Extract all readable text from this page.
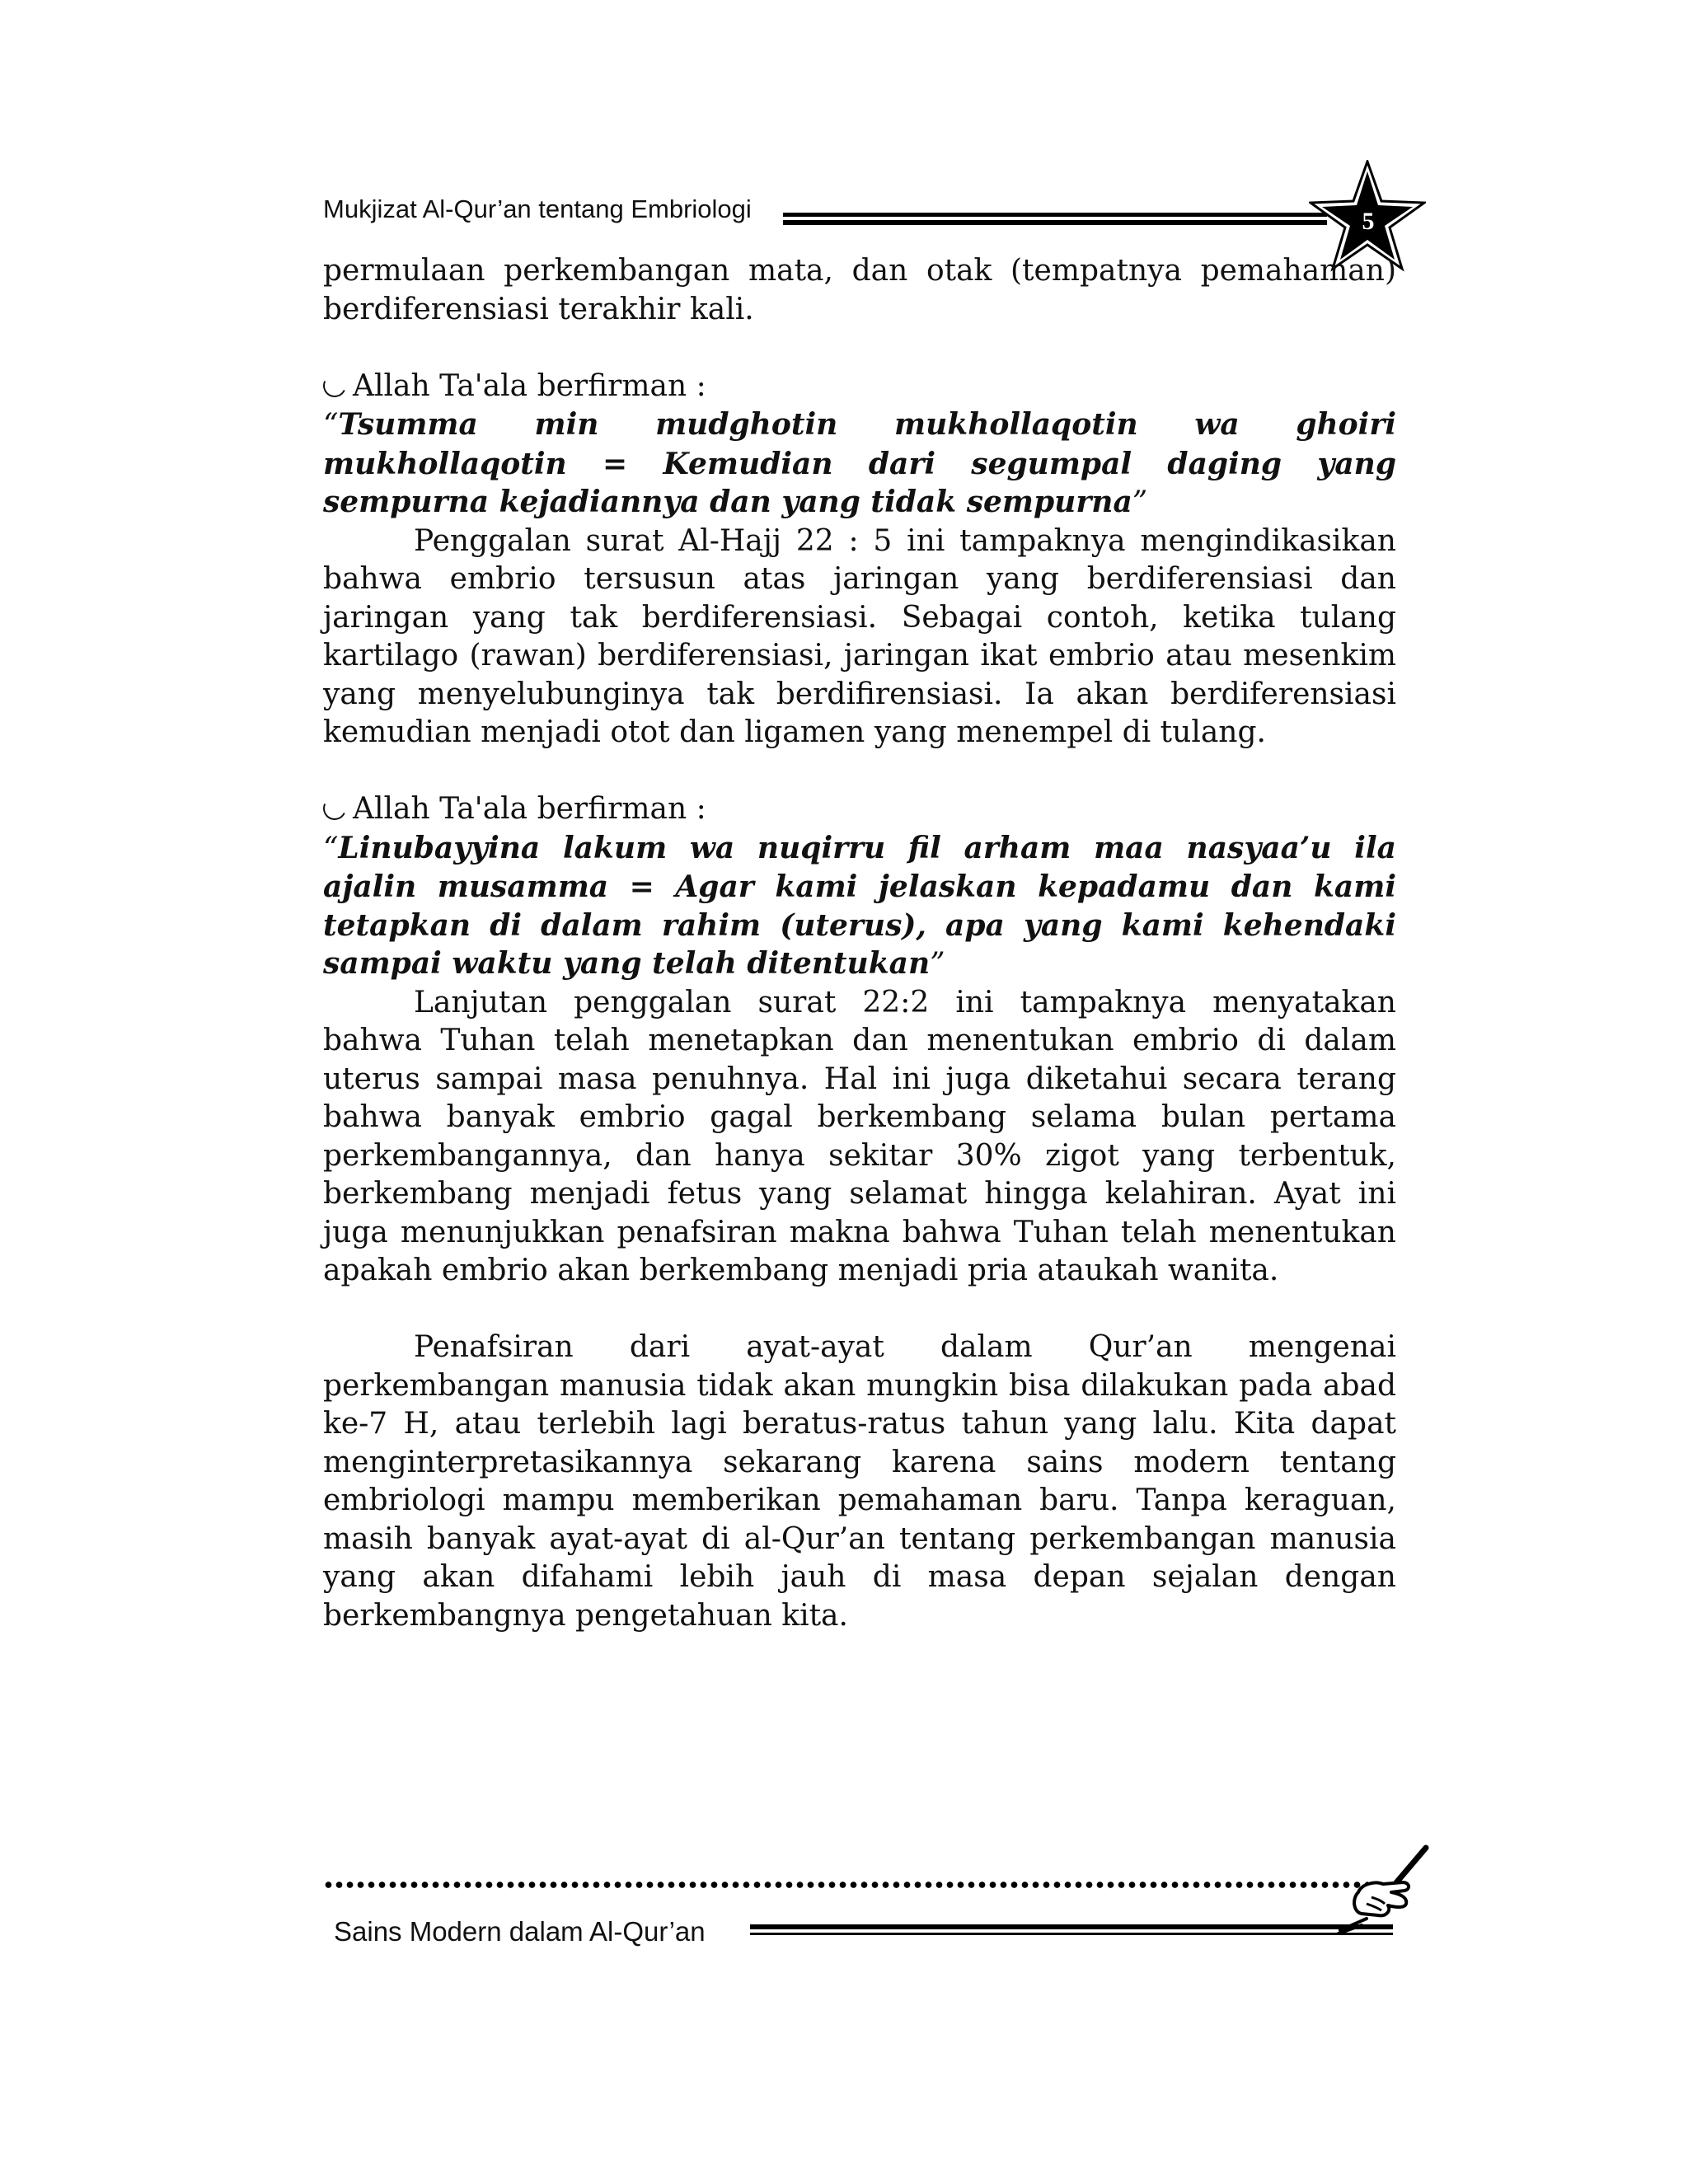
Mukjizat Al-Qur’an tentang Embriologi	5

permulaan perkembangan mata, dan otak (tempatnya pemahaman) berdiferensiasi terakhir kali.

Allah Ta'ala berfirman :

“Tsumma min mudghotin mukhollaqotin wa ghoiri mukhollaqotin = Kemudian dari segumpal daging yang sempurna kejadiannya dan yang tidak sempurna”

Penggalan surat Al-Hajj 22 : 5 ini tampaknya mengindikasikan bahwa embrio tersusun atas jaringan yang berdiferensiasi dan jaringan yang tak berdiferensiasi. Sebagai contoh, ketika tulang kartilago (rawan) berdiferensiasi, jaringan ikat embrio atau mesenkim yang menyelubunginya tak berdifirensiasi. Ia akan berdiferensiasi kemudian menjadi otot dan ligamen yang menempel di tulang.

Allah Ta'ala berfirman :

“Linubayyina lakum wa nuqirru fil arham maa nasyaa’u ila ajalin musamma = Agar kami jelaskan kepadamu dan kami tetapkan di dalam rahim (uterus), apa yang kami kehendaki sampai waktu yang telah ditentukan”

Lanjutan penggalan surat 22:2 ini tampaknya menyatakan bahwa Tuhan telah menetapkan dan menentukan embrio di dalam uterus sampai masa penuhnya. Hal ini juga diketahui secara terang bahwa banyak embrio gagal berkembang selama bulan pertama perkembangannya, dan hanya sekitar 30% zigot yang terbentuk, berkembang menjadi fetus yang selamat hingga kelahiran. Ayat ini juga menunjukkan penafsiran makna bahwa Tuhan telah menentukan apakah embrio akan berkembang menjadi pria ataukah wanita.

Penafsiran dari ayat-ayat dalam Qur’an mengenai perkembangan manusia tidak akan mungkin bisa dilakukan pada abad ke-7 H, atau terlebih lagi beratus-ratus tahun yang lalu. Kita dapat menginterpretasikannya sekarang karena sains modern tentang embriologi mampu memberikan pemahaman baru. Tanpa keraguan, masih banyak ayat-ayat di al-Qur’an tentang perkembangan manusia yang akan difahami lebih jauh di masa depan sejalan dengan berkembangnya pengetahuan kita.

Sains Modern dalam Al-Qur’an
